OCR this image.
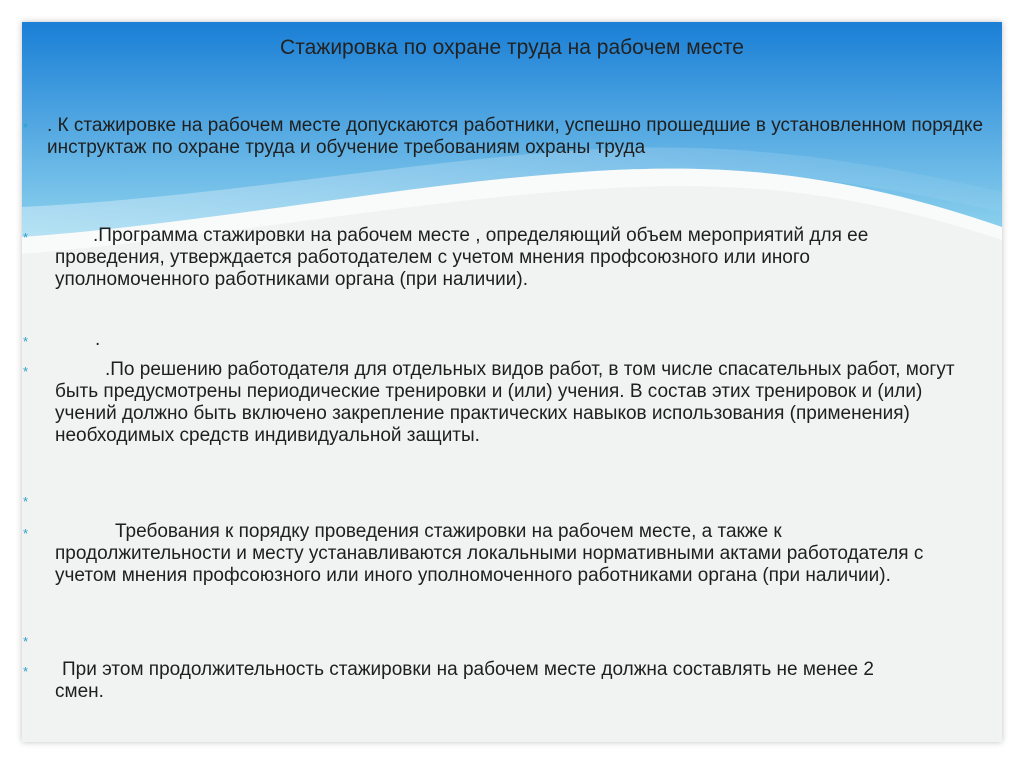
Стажировка по охране труда на рабочем месте
* . К стажировке на рабочем месте допускаются работники, успешно прошедшие в установленном порядке инструктаж по охране труда и обучение требованиям охраны труда
*	.Программа стажировки на рабочем месте , определяющий объем мероприятий для ее проведения, утверждается работодателем с учетом мнения профсоюзного или иного уполномоченного работниками органа (при наличии).
*	.
*	.По решению работодателя для отдельных видов работ, в том числе спасательных работ, могут быть предусмотрены периодические тренировки и (или) учения. В состав этих тренировок и (или) учений должно быть включено закрепление практических навыков использования (применения) необходимых средств индивидуальной защиты.
*
*	Требования к порядку проведения стажировки на рабочем месте, а также к продолжительности и месту устанавливаются локальными нормативными актами работодателя с учетом мнения профсоюзного или иного уполномоченного работниками органа (при наличии).
*
*	При этом продолжительность стажировки на рабочем месте должна составлять не менее 2 смен.
